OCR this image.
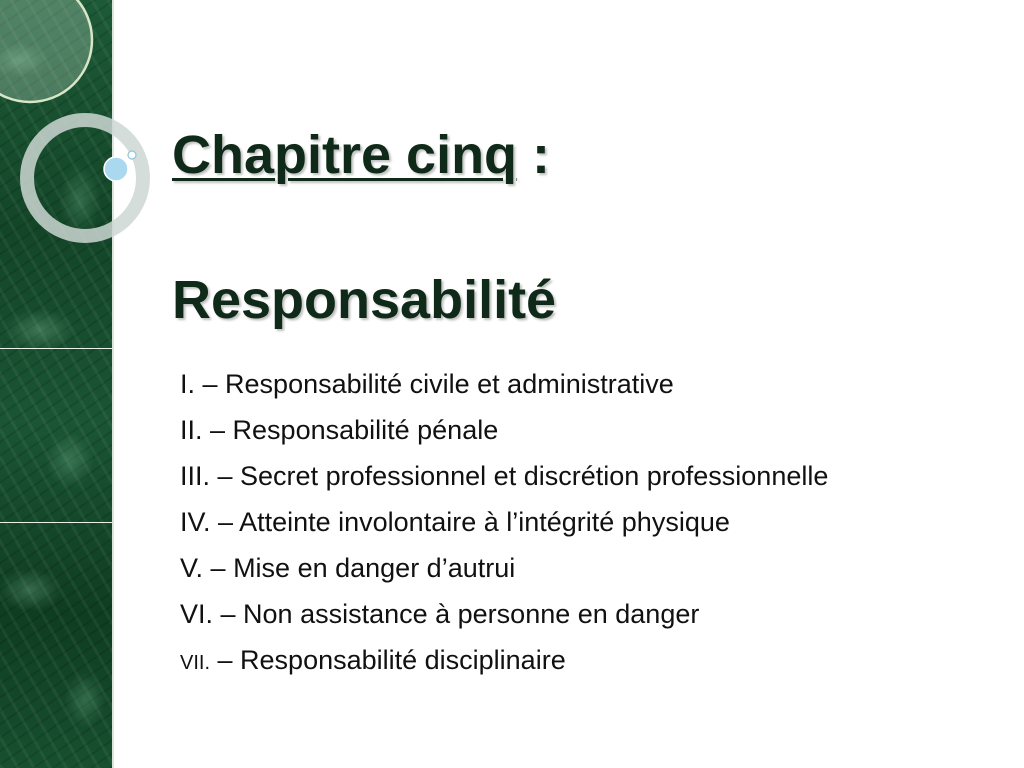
Chapitre cinq :
Responsabilité
I. – Responsabilité civile et administrative
II. – Responsabilité pénale
III. – Secret professionnel et discrétion professionnelle
IV. – Atteinte involontaire à l’intégrité physique
V. – Mise en danger d’autrui
VI. – Non assistance à personne en danger
VII. – Responsabilité disciplinaire
